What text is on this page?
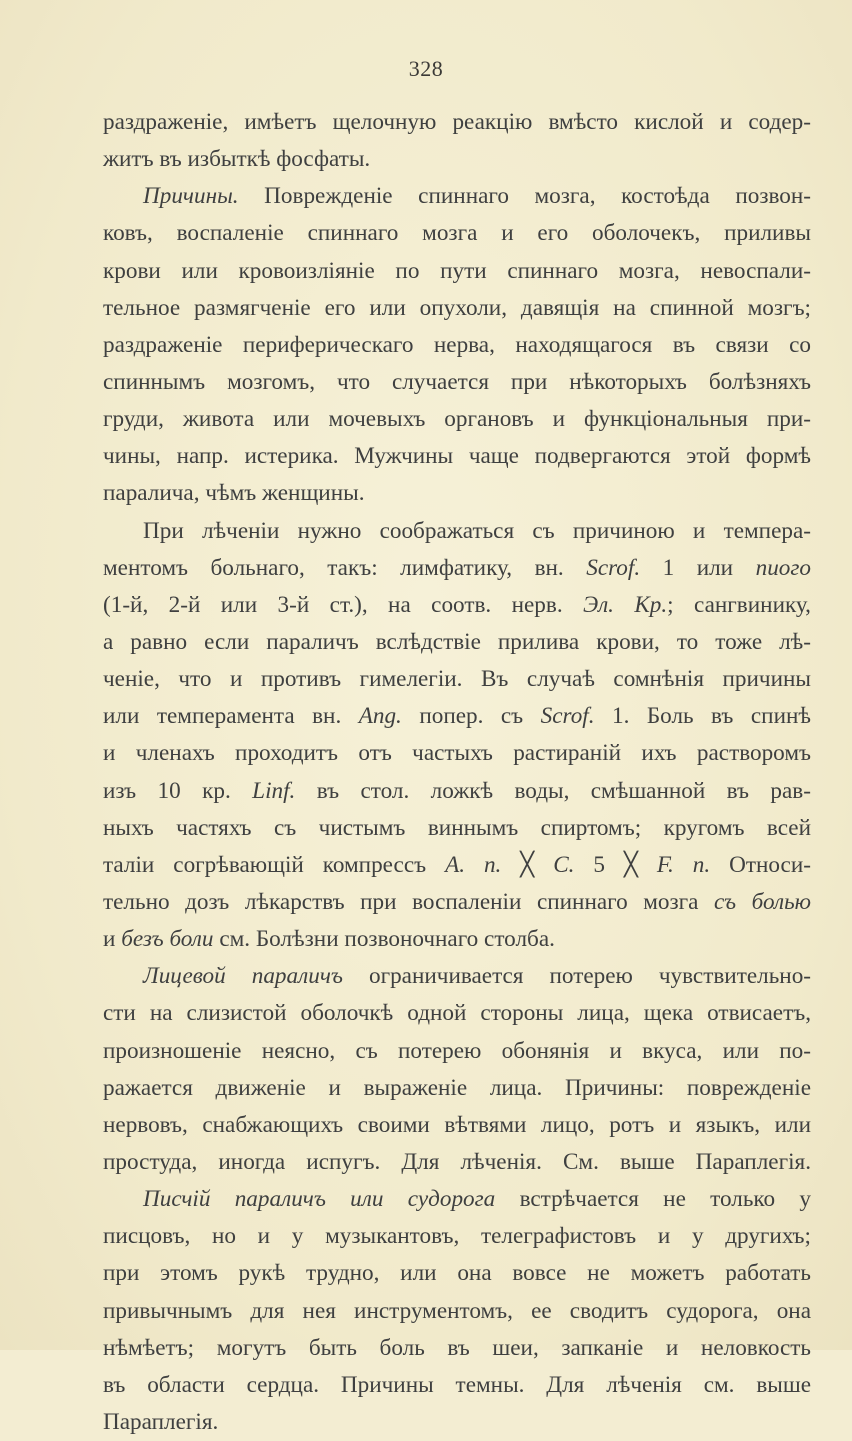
328
раздраженіе, имѣетъ щелочную реакцію вмѣсто кислой и содер-
житъ въ избыткѣ фосфаты.
Причины. Поврежденіе спиннаго мозга, костоѣда позвон-
ковъ, воспаленіе спиннаго мозга и его оболочекъ, приливы
крови или кровоизліяніе по пути спиннаго мозга, невоспали-
тельное размягченіе его или опухоли, давящія на спинной мозгъ;
раздраженіе периферическаго нерва, находящагося въ связи со
спиннымъ мозгомъ, что случается при нѣкоторыхъ болѣзняхъ
груди, живота или мочевыхъ органовъ и функціональныя при-
чины, напр. истерика. Мужчины чаще подвергаются этой формѣ
паралича, чѣмъ женщины.
При лѣченіи нужно соображаться съ причиною и темпера-
ментомъ больнаго, такъ: лимфатику, вн. Scrof. 1 или пиого
(1-й, 2-й или 3-й ст.), на соотв. нерв. Эл. Кр.; сангвинику,
а равно если параличъ вслѣдствіе прилива крови, то тоже лѣ-
ченіе, что и противъ гимелегіи. Въ случаѣ сомнѣнія причины
или темперамента вн. Ang. попер. съ Scrof. 1. Боль въ спинѣ
и членахъ проходитъ отъ частыхъ растираній ихъ растворомъ
изъ 10 кр. Linf. въ стол. ложкѣ воды, смѣшанной въ рав-
ныхъ частяхъ съ чистымъ виннымъ спиртомъ; кругомъ всей
таліи согрѣвающій компрессъ A. n. ╳ C. 5 ╳ F. n. Относи-
тельно дозъ лѣкарствъ при воспаленіи спиннаго мозга съ болью
и безъ боли см. Болѣзни позвоночнаго столба.
Лицевой параличъ ограничивается потерею чувствительно-
сти на слизистой оболочкѣ одной стороны лица, щека отвисаетъ,
произношеніе неясно, съ потерею обонянія и вкуса, или по-
ражается движеніе и выраженіе лица. Причины: поврежденіе
нервовъ, снабжающихъ своими вѣтвями лицо, ротъ и языкъ, или
простуда, иногда испугъ. Для лѣченія. См. выше Параплегія.
Писчій параличъ или судорога встрѣчается не только у
писцовъ, но и у музыкантовъ, телеграфистовъ и у другихъ;
при этомъ рукѣ трудно, или она вовсе не можетъ работать
привычнымъ для нея инструментомъ, ее сводитъ судорога, она
нѣмѣетъ; могутъ быть боль въ шеи, запканіе и неловкость
въ области сердца. Причины темны. Для лѣченія см. выше
Параплегія.
